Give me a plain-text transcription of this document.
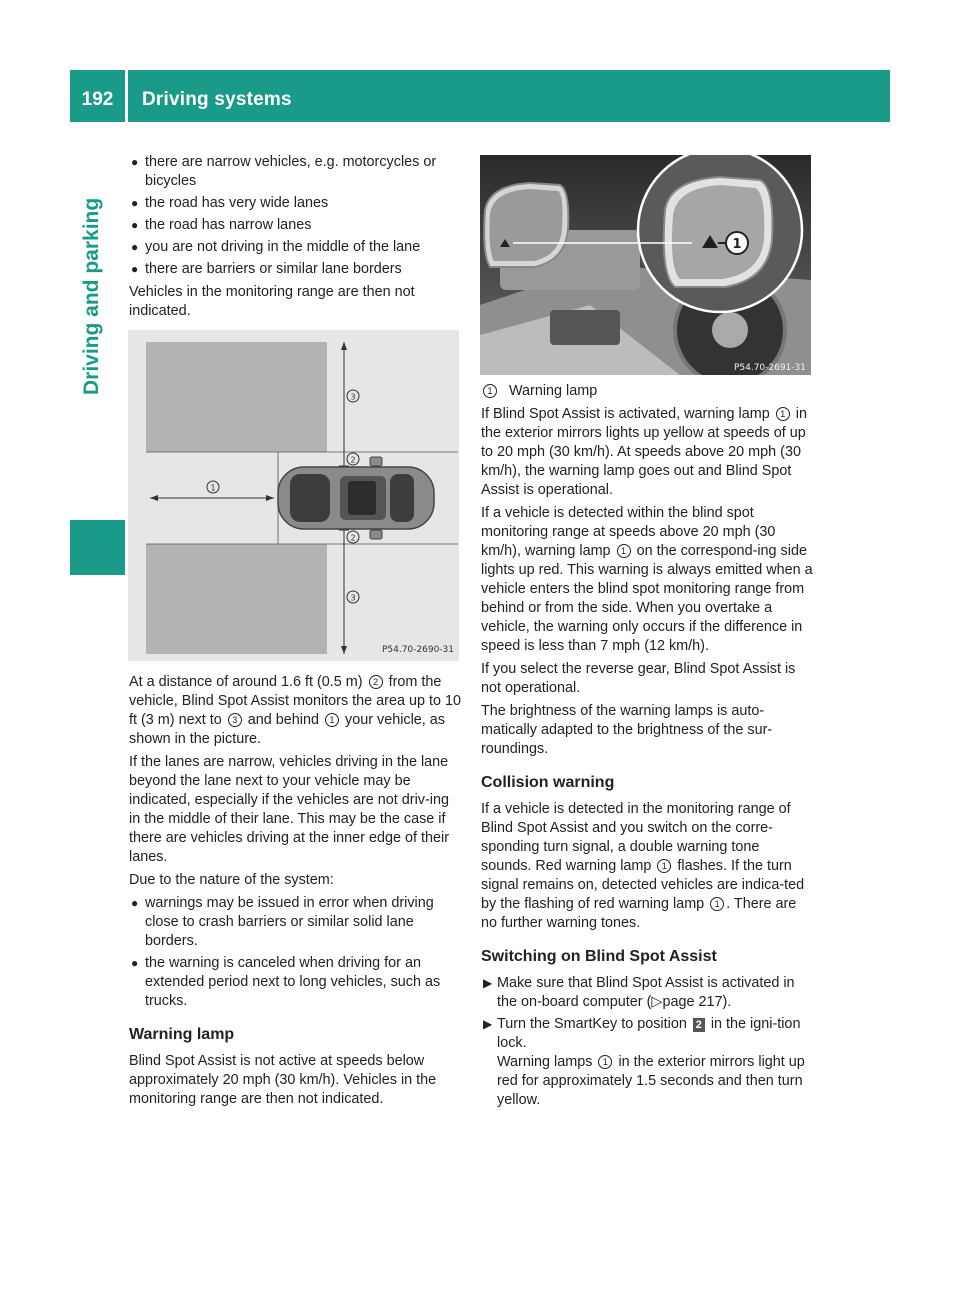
192	Driving systems
Driving and parking
● there are narrow vehicles, e.g. motorcycles or bicycles
● the road has very wide lanes
● the road has narrow lanes
● you are not driving in the middle of the lane
● there are barriers or similar lane borders

Vehicles in the monitoring range are then not indicated.

1
3
2
2
3
P54.70-2690-31

At a distance of around 1.6 ft (0.5 m) 2 from the vehicle, Blind Spot Assist monitors the area up to 10 ft (3 m) next to 3 and behind 1 your vehicle, as shown in the picture.

If the lanes are narrow, vehicles driving in the lane beyond the lane next to your vehicle may be indicated, especially if the vehicles are not driv-ing in the middle of their lane. This may be the case if there are vehicles driving at the inner edge of their lanes.

Due to the nature of the system:

● warnings may be issued in error when driving close to crash barriers or similar solid lane borders.
● the warning is canceled when driving for an extended period next to long vehicles, such as trucks.
Warning lamp

Blind Spot Assist is not active at speeds below approximately 20 mph (30 km/h). Vehicles in the monitoring range are then not indicated.

1
P54.70-2691-31

1 Warning lamp

If Blind Spot Assist is activated, warning lamp 1 in the exterior mirrors lights up yellow at speeds of up to 20 mph (30 km/h). At speeds above 20 mph (30 km/h), the warning lamp goes out and Blind Spot Assist is operational.

If a vehicle is detected within the blind spot monitoring range at speeds above 20 mph (30 km/h), warning lamp 1 on the correspond-ing side lights up red. This warning is always emitted when a vehicle enters the blind spot monitoring range from behind or from the side. When you overtake a vehicle, the warning only occurs if the difference in speed is less than 7 mph (12 km/h).

If you select the reverse gear, Blind Spot Assist is not operational.

The brightness of the warning lamps is auto-matically adapted to the brightness of the sur-roundings.

Collision warning

If a vehicle is detected in the monitoring range of Blind Spot Assist and you switch on the corre-sponding turn signal, a double warning tone sounds. Red warning lamp 1 flashes. If the turn signal remains on, detected vehicles are indica-ted by the flashing of red warning lamp 1 . There are no further warning tones.

Switching on Blind Spot Assist
▶ Make sure that Blind Spot Assist is activated in the on-board computer (▷page 217).
▶ Turn the SmartKey to position 2 in the igni-tion lock.
Warning lamps 1 in the exterior mirrors light up red for approximately 1.5 seconds and then turn yellow.
